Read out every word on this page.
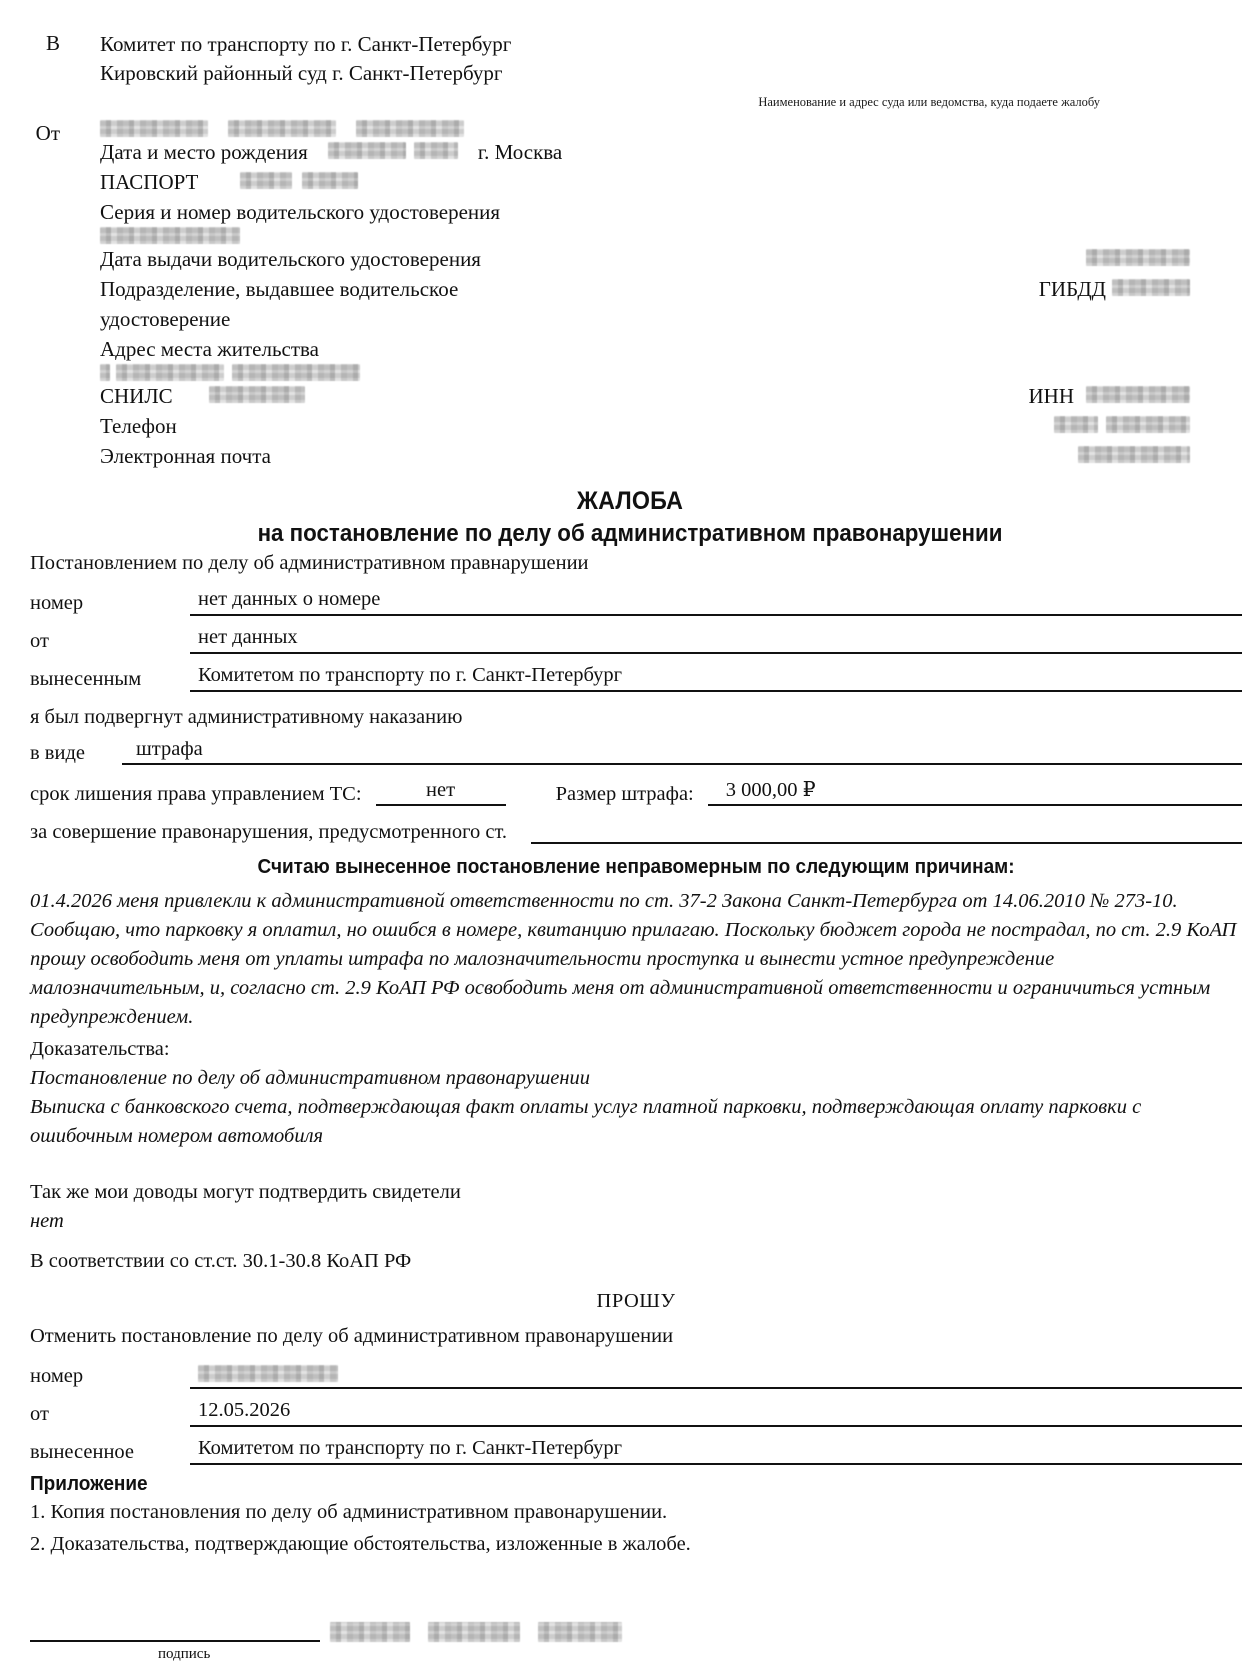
В	Комитет по транспорту по г. Санкт-Петербург
Кировский районный суд г. Санкт-Петербург
Наименование и адрес суда или ведомства, куда подаете жалобу
От
Дата и место рождения	г. Москва
ПАСПОРТ
Серия и номер водительского удостоверения
Дата выдачи водительского удостоверения
Подразделение, выдавшее водительское	ГИБДД
удостоверение
Адрес места жительства
СНИЛС	ИНН
Телефон
Электронная почта
ЖАЛОБА
на постановление по делу об административном правонарушении
Постановлением по делу об административном правнарушении
номер	нет данных о номере
от	нет данных
вынесенным	Комитетом по транспорту по г. Санкт-Петербург
я был подвергнут административному наказанию
в виде	штрафа
срок лишения права управлением ТС:	нет	Размер штрафа:	3 000,00 ₽
за совершение правонарушения, предусмотренного ст.
Считаю вынесенное постановление неправомерным по следующим причинам:
01.4.2026 меня привлекли к административной ответственности по ст. 37-2 Закона Санкт-Петербурга от 14.06.2010 № 273-10. Сообщаю, что парковку я оплатил, но ошибся в номере, квитанцию прилагаю. Поскольку бюджет города не пострадал, по ст. 2.9 КоАП прошу освободить меня от уплаты штрафа по малозначительности проступка и вынести устное предупреждение
малозначительным, и, согласно ст. 2.9 КоАП РФ освободить меня от административной ответственности и ограничиться устным предупреждением.
Доказательства:
Постановление по делу об административном правонарушении
Выписка с банковского счета, подтверждающая факт оплаты услуг платной парковки, подтверждающая оплату парковки с ошибочным номером автомобиля
Так же мои доводы могут подтвердить свидетели
нет
В соответствии со ст.ст. 30.1-30.8 КоАП РФ
ПРОШУ
Отменить постановление по делу об административном правонарушении
номер
от	12.05.2026
вынесенное	Комитетом по транспорту по г. Санкт-Петербург
Приложение
1. Копия постановления по делу об административном правонарушении.
2. Доказательства, подтверждающие обстоятельства, изложенные в жалобе.
подпись
